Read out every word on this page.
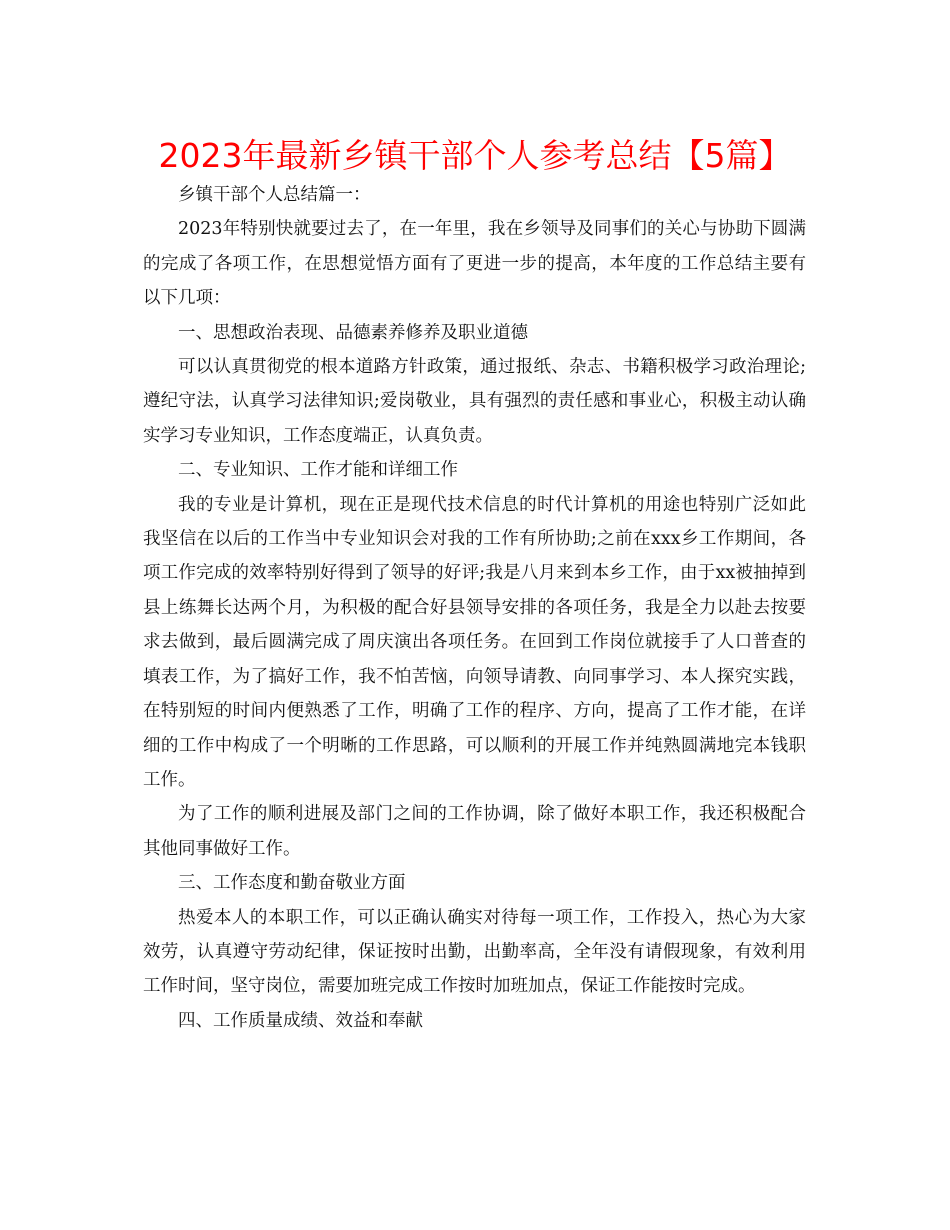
2023年最新乡镇干部个人参考总结【5篇】

乡镇干部个人总结篇一：

2023年特别快就要过去了，在一年里，我在乡领导及同事们的关心与协助下圆满的完成了各项工作，在思想觉悟方面有了更进一步的提高，本年度的工作总结主要有以下几项：

一、思想政治表现、品德素养修养及职业道德

可以认真贯彻党的根本道路方针政策，通过报纸、杂志、书籍积极学习政治理论;遵纪守法，认真学习法律知识;爱岗敬业，具有强烈的责任感和事业心，积极主动认确实学习专业知识，工作态度端正，认真负责。

二、专业知识、工作才能和详细工作

我的专业是计算机，现在正是现代技术信息的时代计算机的用途也特别广泛如此我坚信在以后的工作当中专业知识会对我的工作有所协助;之前在xxx乡工作期间，各项工作完成的效率特别好得到了领导的好评;我是八月来到本乡工作，由于xx被抽掉到县上练舞长达两个月，为积极的配合好县领导安排的各项任务，我是全力以赴去按要求去做到，最后圆满完成了周庆演出各项任务。在回到工作岗位就接手了人口普查的填表工作，为了搞好工作，我不怕苦恼，向领导请教、向同事学习、本人探究实践，在特别短的时间内便熟悉了工作，明确了工作的程序、方向，提高了工作才能，在详细的工作中构成了一个明晰的工作思路，可以顺利的开展工作并纯熟圆满地完本钱职工作。

为了工作的顺利进展及部门之间的工作协调，除了做好本职工作，我还积极配合其他同事做好工作。

三、工作态度和勤奋敬业方面

热爱本人的本职工作，可以正确认确实对待每一项工作，工作投入，热心为大家效劳，认真遵守劳动纪律，保证按时出勤，出勤率高，全年没有请假现象，有效利用工作时间，坚守岗位，需要加班完成工作按时加班加点，保证工作能按时完成。

四、工作质量成绩、效益和奉献
